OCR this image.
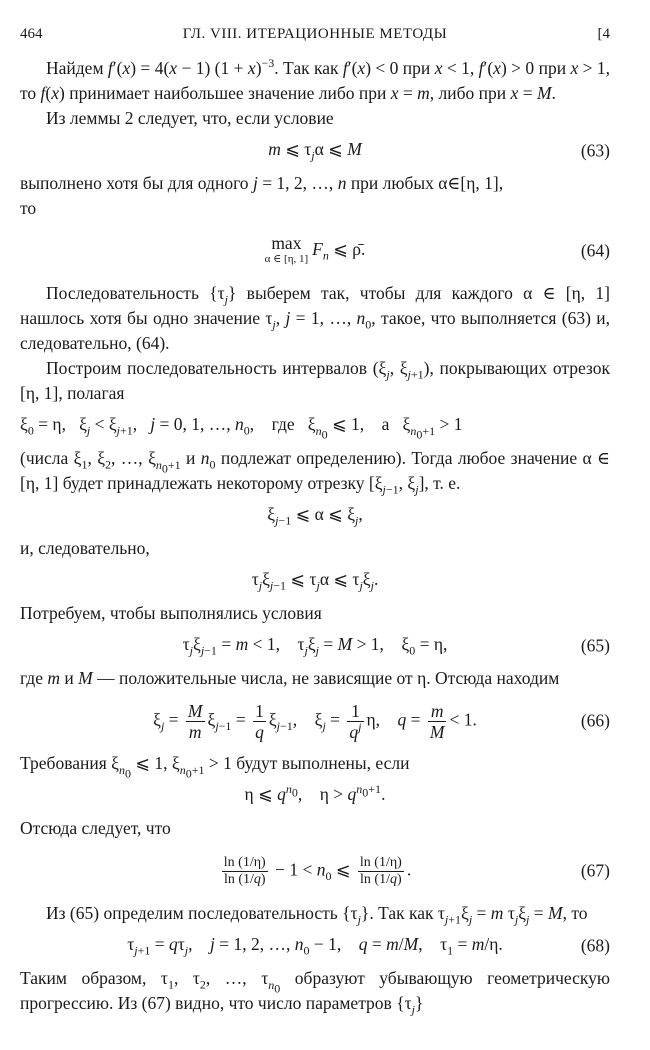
464	ГЛ. VIII. ИТЕРАЦИОННЫЕ МЕТОДЫ	[4

Найдем f′(x) = 4(x − 1) $(1 + x)^{-3}$. Так как f′(x) < 0 при x < 1, f′(x) > 0 при x > 1, то f(x) принимает наибольшее значение либо при x = m, либо при x = M.

Из леммы 2 следует, что, если условие

m ⩽ $\tau_j\alpha$ ⩽ M	(63)

выполнено хотя бы для одного j = 1, 2, …, n при любых α∈[η, 1],
то

max
α ∈ [η, 1] $F_n$ ⩽ ρ̄.	(64)

Последовательность $\{\tau_j\}$ выберем так, чтобы для каждого α ∈ [η, 1] нашлось хотя бы одно значение $\tau_j$, j = 1, …, $n_0$, такое, что выполняется (63) и, следовательно, (64).

Построим последовательность интервалов ($\xi_j$, $\xi_{j+1}$), покрывающих отрезок [η, 1], полагая

$\xi_0 = \eta$,   $\xi_j < \xi_{j+1}$,   j = 0, 1, …, $n_0$,    где   $\xi_{n_0}$ ⩽ 1,    а   $\xi_{n_0+1} > 1$

(числа $\xi_1$, $\xi_2$, …, $\xi_{n_0+1}$ и $n_0$ подлежат определению). Тогда любое значение α ∈ [η, 1] будет принадлежать некоторому отрезку [$\xi_{j-1}$, $\xi_j$], т. е.

$\xi_{j-1}$ ⩽ α ⩽ $\xi_j$,

и, следовательно,

$\tau_j\xi_{j-1}$ ⩽ $\tau_j\alpha$ ⩽ $\tau_j\xi_j$.

Потребуем, чтобы выполнялись условия

$\tau_j\xi_{j-1} = m < 1$,    $\tau_j\xi_j = M > 1$,    $\xi_0 = \eta$,	(65)

где m и M — положительные числа, не зависящие от η. Отсюда находим

$\xi_j = \frac{M}{m} \xi_{j-1} = \frac{1}{q} \xi_{j-1}$,    $\xi_j = \frac{1}{q^j} \eta$,    $q = \frac{m}{M} < 1$.	(66)

Требования $\xi_{n_0}$ ⩽ 1, $\xi_{n_0+1} > 1$ будут выполнены, если

η ⩽ $q^{n_0}$,    $\eta > q^{n_0+1}$.

Отсюда следует, что

$\frac{\ln (1/\eta)}{\ln (1/q)} - 1 < n_0$ ⩽ $\frac{\ln (1/\eta)}{\ln (1/q)}$ .	(67)

Из (65) определим последовательность $\{\tau_j\}$. Так как $\tau_{j+1}\xi_j = m$ $\tau_j\xi_j = M$, то

$\tau_{j+1} = q\tau_j$,    j = 1, 2, …, $n_0 - 1$,    q = m/M,    $\tau_1 = m/\eta$.	(68)

Таким образом, $\tau_1$, $\tau_2$, …, $\tau_{n_0}$ образуют убывающую геометрическую прогрессию. Из (67) видно, что число параметров $\{\tau_j\}$
